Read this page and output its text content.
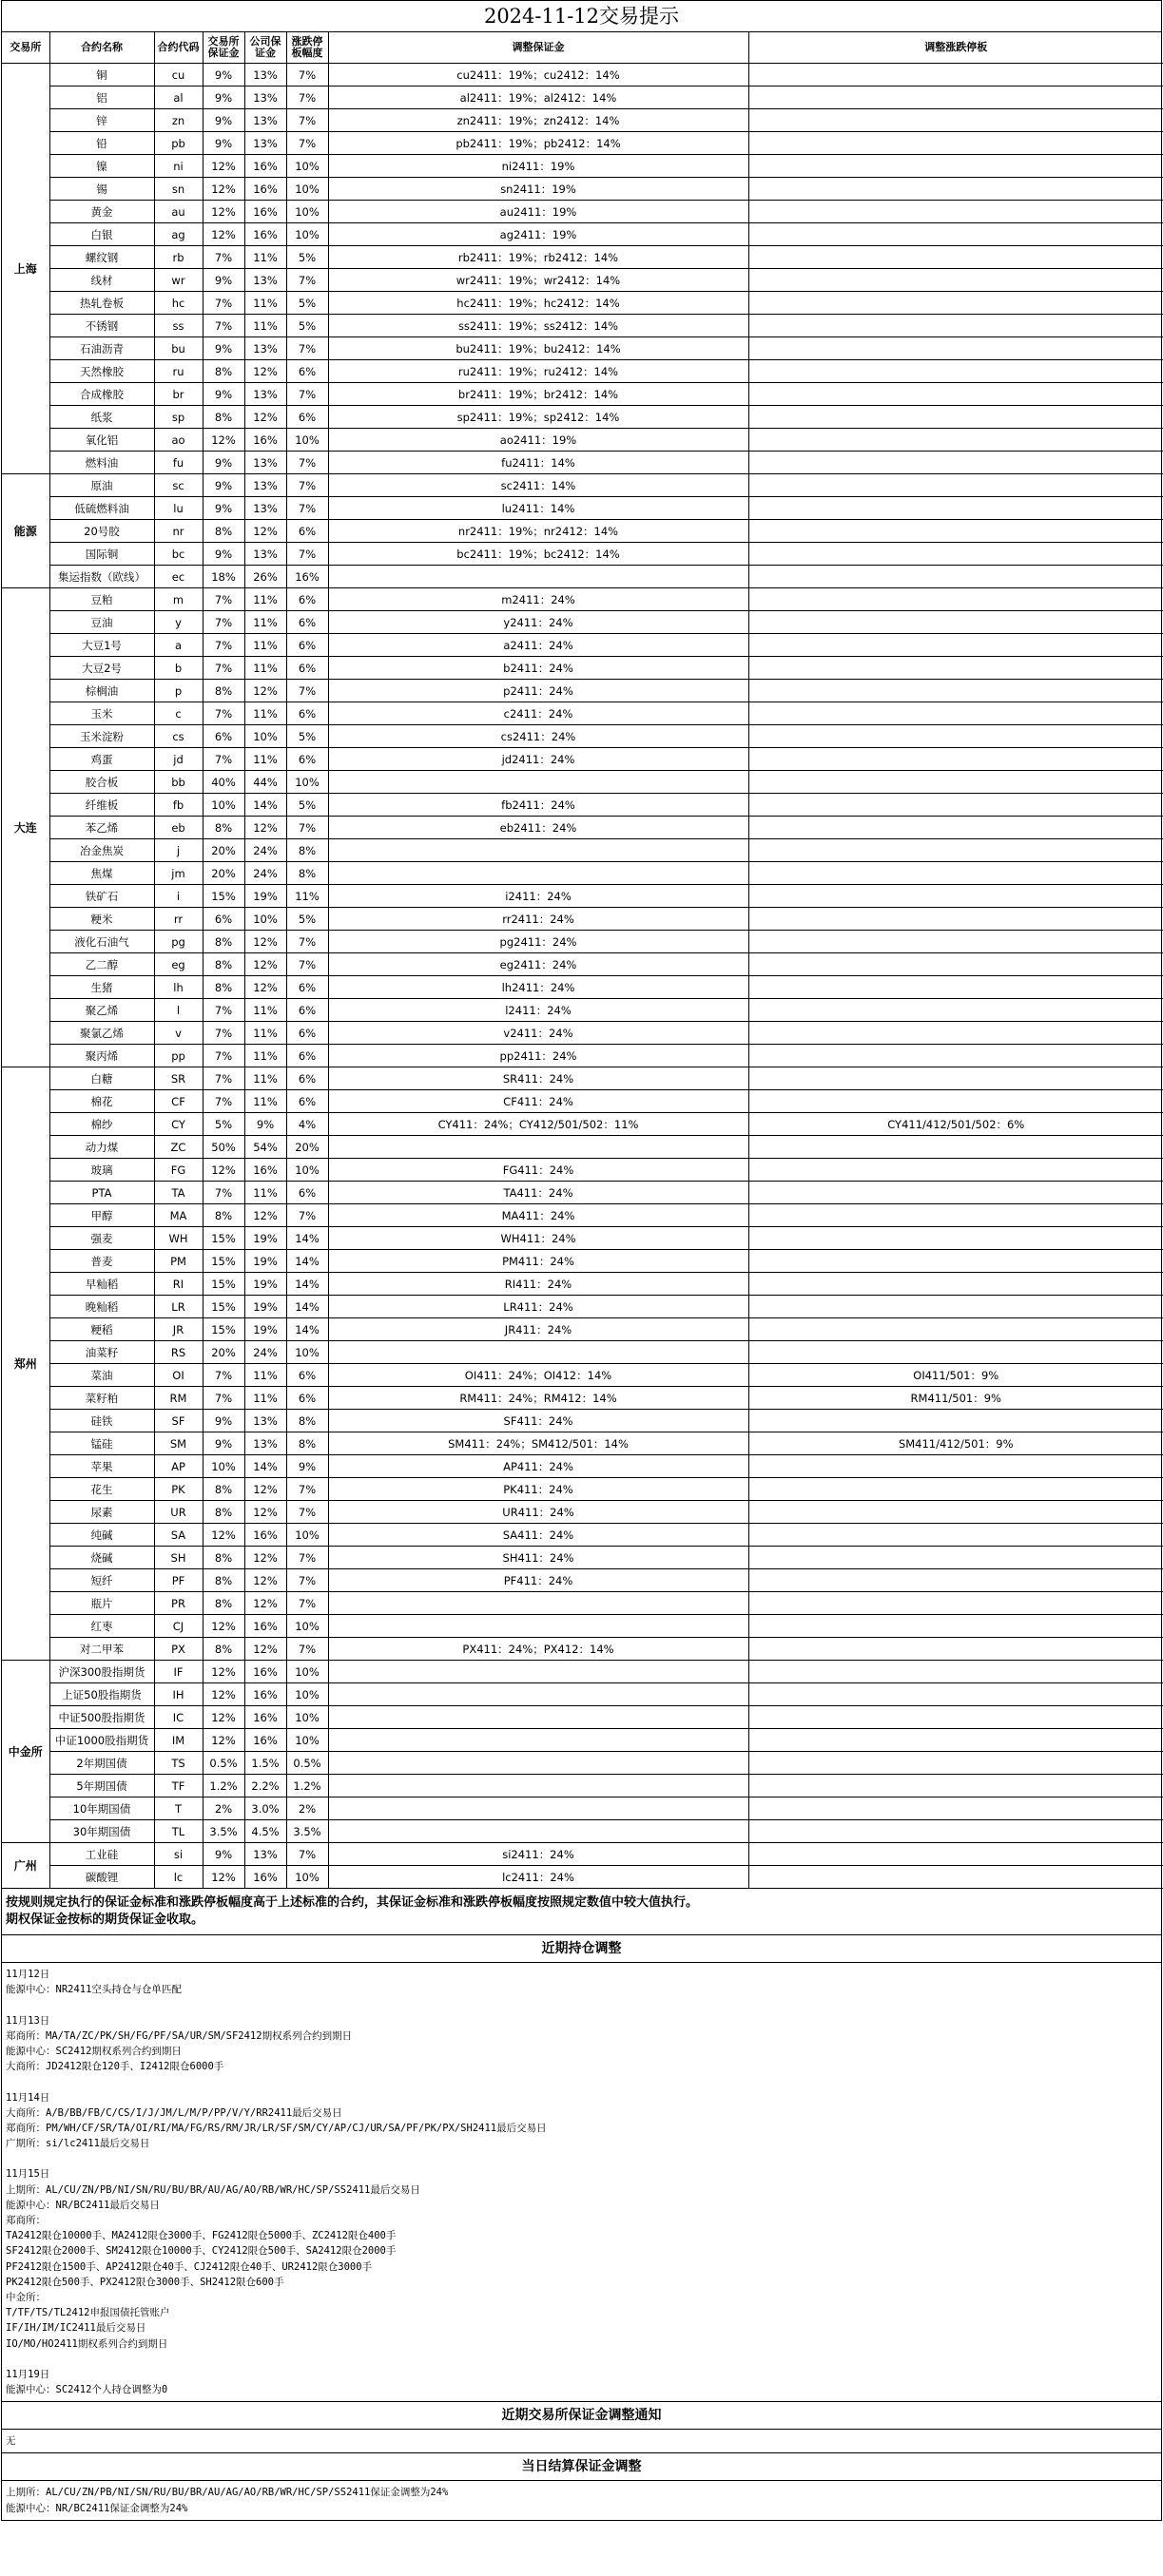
2024-11-12交易提示
交易所	合约名称	合约代码	交易所保证金	公司保证金	涨跌停板幅度	调整保证金	调整涨跌停板
上海	铜	cu	9%	13%	7%	cu2411：19%；cu2412：14%	
	铝	al	9%	13%	7%	al2411：19%；al2412：14%	
	锌	zn	9%	13%	7%	zn2411：19%；zn2412：14%	
	铅	pb	9%	13%	7%	pb2411：19%；pb2412：14%	
	镍	ni	12%	16%	10%	ni2411：19%	
	锡	sn	12%	16%	10%	sn2411：19%	
	黄金	au	12%	16%	10%	au2411：19%	
	白银	ag	12%	16%	10%	ag2411：19%	
	螺纹钢	rb	7%	11%	5%	rb2411：19%；rb2412：14%	
	线材	wr	9%	13%	7%	wr2411：19%；wr2412：14%	
	热轧卷板	hc	7%	11%	5%	hc2411：19%；hc2412：14%	
	不锈钢	ss	7%	11%	5%	ss2411：19%；ss2412：14%	
	石油沥青	bu	9%	13%	7%	bu2411：19%；bu2412：14%	
	天然橡胶	ru	8%	12%	6%	ru2411：19%；ru2412：14%	
	合成橡胶	br	9%	13%	7%	br2411：19%；br2412：14%	
	纸浆	sp	8%	12%	6%	sp2411：19%；sp2412：14%	
	氧化铝	ao	12%	16%	10%	ao2411：19%	
	燃料油	fu	9%	13%	7%	fu2411：14%	
能源	原油	sc	9%	13%	7%	sc2411：14%	
	低硫燃料油	lu	9%	13%	7%	lu2411：14%	
	20号胶	nr	8%	12%	6%	nr2411：19%；nr2412：14%	
	国际铜	bc	9%	13%	7%	bc2411：19%；bc2412：14%	
	集运指数（欧线）	ec	18%	26%	16%		
大连	豆粕	m	7%	11%	6%	m2411：24%	
	豆油	y	7%	11%	6%	y2411：24%	
	大豆1号	a	7%	11%	6%	a2411：24%	
	大豆2号	b	7%	11%	6%	b2411：24%	
	棕榈油	p	8%	12%	7%	p2411：24%	
	玉米	c	7%	11%	6%	c2411：24%	
	玉米淀粉	cs	6%	10%	5%	cs2411：24%	
	鸡蛋	jd	7%	11%	6%	jd2411：24%	
	胶合板	bb	40%	44%	10%		
	纤维板	fb	10%	14%	5%	fb2411：24%	
	苯乙烯	eb	8%	12%	7%	eb2411：24%	
	冶金焦炭	j	20%	24%	8%		
	焦煤	jm	20%	24%	8%		
	铁矿石	i	15%	19%	11%	i2411：24%	
	粳米	rr	6%	10%	5%	rr2411：24%	
	液化石油气	pg	8%	12%	7%	pg2411：24%	
	乙二醇	eg	8%	12%	7%	eg2411：24%	
	生猪	lh	8%	12%	6%	lh2411：24%	
	聚乙烯	l	7%	11%	6%	l2411：24%	
	聚氯乙烯	v	7%	11%	6%	v2411：24%	
	聚丙烯	pp	7%	11%	6%	pp2411：24%	
郑州	白糖	SR	7%	11%	6%	SR411：24%	
	棉花	CF	7%	11%	6%	CF411：24%	
	棉纱	CY	5%	9%	4%	CY411：24%；CY412/501/502：11%	CY411/412/501/502：6%
	动力煤	ZC	50%	54%	20%		
	玻璃	FG	12%	16%	10%	FG411：24%	
	PTA	TA	7%	11%	6%	TA411：24%	
	甲醇	MA	8%	12%	7%	MA411：24%	
	强麦	WH	15%	19%	14%	WH411：24%	
	普麦	PM	15%	19%	14%	PM411：24%	
	早籼稻	RI	15%	19%	14%	RI411：24%	
	晚籼稻	LR	15%	19%	14%	LR411：24%	
	粳稻	JR	15%	19%	14%	JR411：24%	
	油菜籽	RS	20%	24%	10%		
	菜油	OI	7%	11%	6%	OI411：24%；OI412：14%	OI411/501：9%
	菜籽粕	RM	7%	11%	6%	RM411：24%；RM412：14%	RM411/501：9%
	硅铁	SF	9%	13%	8%	SF411：24%	
	锰硅	SM	9%	13%	8%	SM411：24%；SM412/501：14%	SM411/412/501：9%
	苹果	AP	10%	14%	9%	AP411：24%	
	花生	PK	8%	12%	7%	PK411：24%	
	尿素	UR	8%	12%	7%	UR411：24%	
	纯碱	SA	12%	16%	10%	SA411：24%	
	烧碱	SH	8%	12%	7%	SH411：24%	
	短纤	PF	8%	12%	7%	PF411：24%	
	瓶片	PR	8%	12%	7%		
	红枣	CJ	12%	16%	10%		
	对二甲苯	PX	8%	12%	7%	PX411：24%；PX412：14%	
中金所	沪深300股指期货	IF	12%	16%	10%		
	上证50股指期货	IH	12%	16%	10%		
	中证500股指期货	IC	12%	16%	10%		
	中证1000股指期货	IM	12%	16%	10%		
	2年期国债	TS	0.5%	1.5%	0.5%		
	5年期国债	TF	1.2%	2.2%	1.2%		
	10年期国债	T	2%	3.0%	2%		
	30年期国债	TL	3.5%	4.5%	3.5%		
广州	工业硅	si	9%	13%	7%	si2411：24%	
	碳酸锂	lc	12%	16%	10%	lc2411：24%	
按规则规定执行的保证金标准和涨跌停板幅度高于上述标准的合约，其保证金标准和涨跌停板幅度按照规定数值中较大值执行。
期权保证金按标的期货保证金收取。
近期持仓调整
11月12日
能源中心：NR2411空头持仓与仓单匹配
11月13日
郑商所：MA/TA/ZC/PK/SH/FG/PF/SA/UR/SM/SF2412期权系列合约到期日
能源中心：SC2412期权系列合约到期日
大商所：JD2412限仓120手、I2412限仓6000手
11月14日
大商所：A/B/BB/FB/C/CS/I/J/JM/L/M/P/PP/V/Y/RR2411最后交易日
郑商所：PM/WH/CF/SR/TA/OI/RI/MA/FG/RS/RM/JR/LR/SF/SM/CY/AP/CJ/UR/SA/PF/PK/PX/SH2411最后交易日
广期所：si/lc2411最后交易日
11月15日
上期所：AL/CU/ZN/PB/NI/SN/RU/BU/BR/AU/AG/AO/RB/WR/HC/SP/SS2411最后交易日
能源中心：NR/BC2411最后交易日
郑商所：
TA2412限仓10000手、MA2412限仓3000手、FG2412限仓5000手、ZC2412限仓400手
SF2412限仓2000手、SM2412限仓10000手、CY2412限仓500手、SA2412限仓2000手
PF2412限仓1500手、AP2412限仓40手、CJ2412限仓40手、UR2412限仓3000手
PK2412限仓500手、PX2412限仓3000手、SH2412限仓600手
中金所：
T/TF/TS/TL2412申报国债托管账户
IF/IH/IM/IC2411最后交易日
IO/MO/HO2411期权系列合约到期日
11月19日
能源中心：SC2412个人持仓调整为0
近期交易所保证金调整通知
无
当日结算保证金调整
上期所：AL/CU/ZN/PB/NI/SN/RU/BU/BR/AU/AG/AO/RB/WR/HC/SP/SS2411保证金调整为24%
能源中心：NR/BC2411保证金调整为24%
